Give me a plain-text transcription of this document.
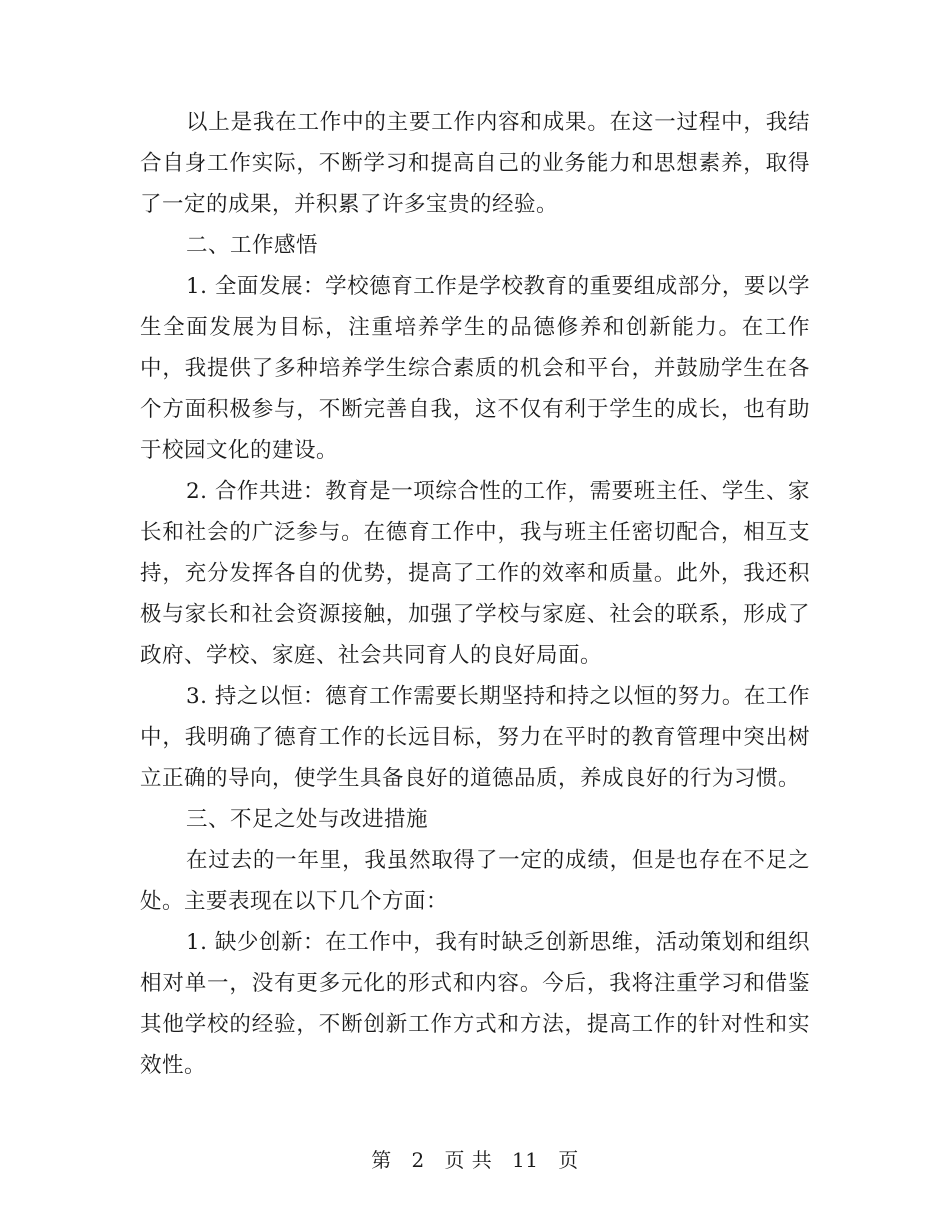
以上是我在工作中的主要工作内容和成果。在这一过程中，我结合自身工作实际，不断学习和提高自己的业务能力和思想素养，取得了一定的成果，并积累了许多宝贵的经验。

二、工作感悟

1. 全面发展：学校德育工作是学校教育的重要组成部分，要以学生全面发展为目标，注重培养学生的品德修养和创新能力。在工作中，我提供了多种培养学生综合素质的机会和平台，并鼓励学生在各个方面积极参与，不断完善自我，这不仅有利于学生的成长，也有助于校园文化的建设。

2. 合作共进：教育是一项综合性的工作，需要班主任、学生、家长和社会的广泛参与。在德育工作中，我与班主任密切配合，相互支持，充分发挥各自的优势，提高了工作的效率和质量。此外，我还积极与家长和社会资源接触，加强了学校与家庭、社会的联系，形成了政府、学校、家庭、社会共同育人的良好局面。

3. 持之以恒：德育工作需要长期坚持和持之以恒的努力。在工作中，我明确了德育工作的长远目标，努力在平时的教育管理中突出树立正确的导向，使学生具备良好的道德品质，养成良好的行为习惯。

三、不足之处与改进措施

在过去的一年里，我虽然取得了一定的成绩，但是也存在不足之处。主要表现在以下几个方面：

1. 缺少创新：在工作中，我有时缺乏创新思维，活动策划和组织相对单一，没有更多元化的形式和内容。今后，我将注重学习和借鉴其他学校的经验，不断创新工作方式和方法，提高工作的针对性和实效性。

第 2 页 共 11 页
